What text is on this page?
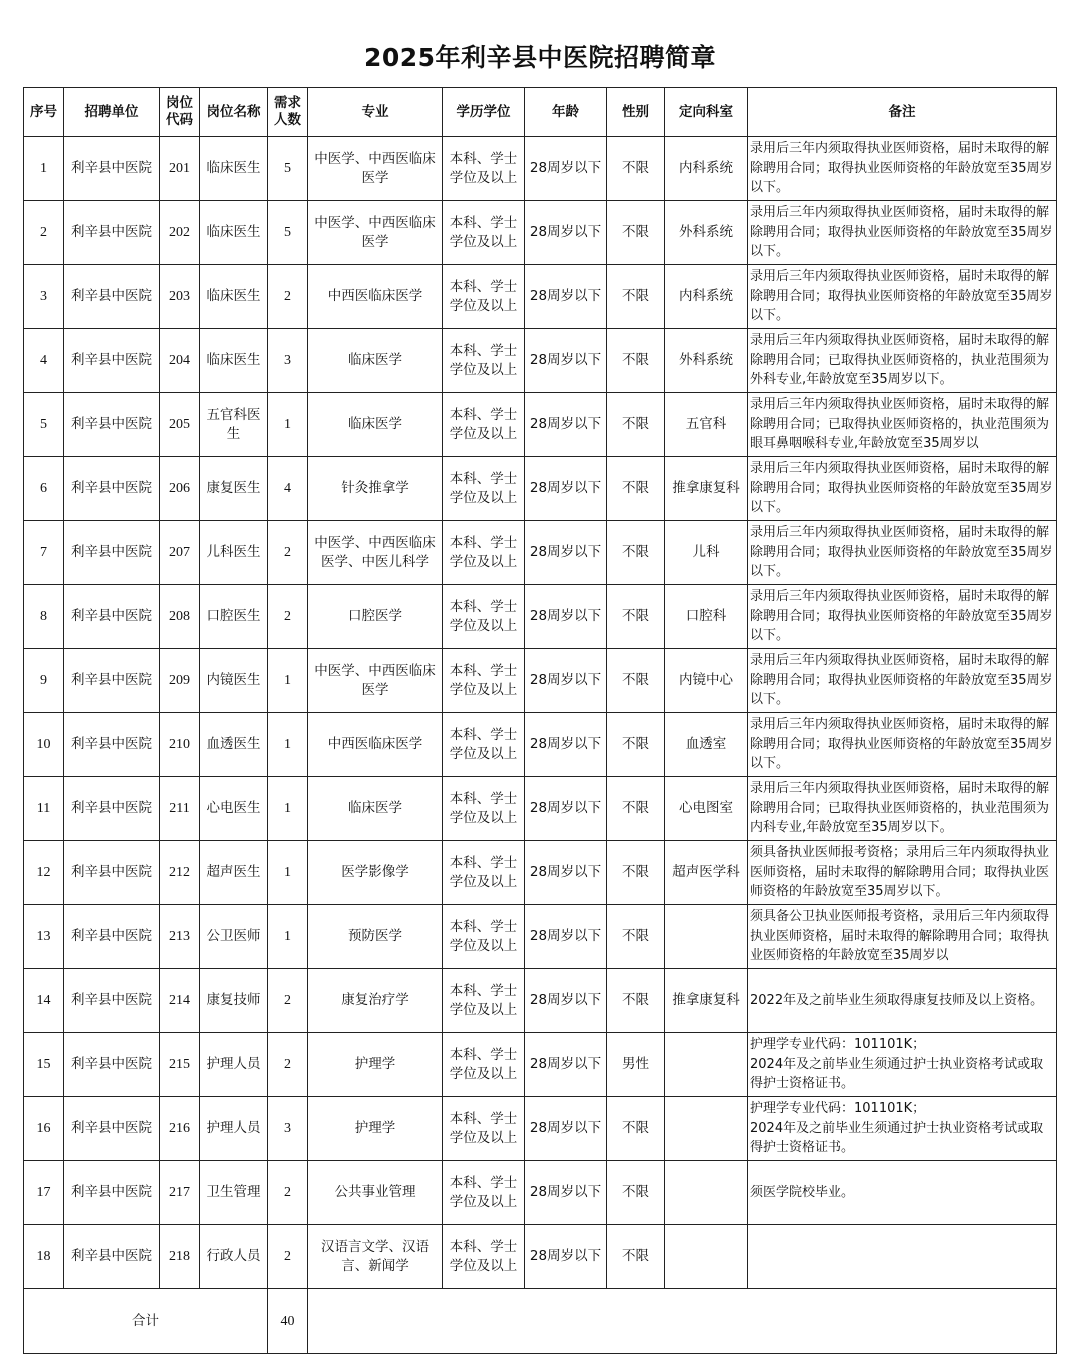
2025年利辛县中医院招聘简章
序号	招聘单位	岗位代码	岗位名称	需求人数	专业	学历学位	年龄	性别	定向科室	备注
1	利辛县中医院	201	临床医生	5	中医学、中西医临床医学	本科、学士学位及以上	28周岁以下	不限	内科系统	录用后三年内须取得执业医师资格，届时未取得的解除聘用合同；取得执业医师资格的年龄放宽至35周岁以下。

2	利辛县中医院	202	临床医生	5	中医学、中西医临床医学	本科、学士学位及以上	28周岁以下	不限	外科系统	录用后三年内须取得执业医师资格，届时未取得的解除聘用合同；取得执业医师资格的年龄放宽至35周岁以下。

3	利辛县中医院	203	临床医生	2	中西医临床医学	本科、学士学位及以上	28周岁以下	不限	内科系统	录用后三年内须取得执业医师资格，届时未取得的解除聘用合同；取得执业医师资格的年龄放宽至35周岁以下。

4	利辛县中医院	204	临床医生	3	临床医学	本科、学士学位及以上	28周岁以下	不限	外科系统	录用后三年内须取得执业医师资格，届时未取得的解除聘用合同；已取得执业医师资格的，执业范围须为外科专业,年龄放宽至35周岁以下。

5	利辛县中医院	205	五官科医生	1	临床医学	本科、学士学位及以上	28周岁以下	不限	五官科	录用后三年内须取得执业医师资格，届时未取得的解除聘用合同；已取得执业医师资格的，执业范围须为眼耳鼻咽喉科专业,年龄放宽至35周岁以

6	利辛县中医院	206	康复医生	4	针灸推拿学	本科、学士学位及以上	28周岁以下	不限	推拿康复科	录用后三年内须取得执业医师资格，届时未取得的解除聘用合同；取得执业医师资格的年龄放宽至35周岁以下。

7	利辛县中医院	207	儿科医生	2	中医学、中西医临床医学、中医儿科学	本科、学士学位及以上	28周岁以下	不限	儿科	录用后三年内须取得执业医师资格，届时未取得的解除聘用合同；取得执业医师资格的年龄放宽至35周岁以下。

8	利辛县中医院	208	口腔医生	2	口腔医学	本科、学士学位及以上	28周岁以下	不限	口腔科	录用后三年内须取得执业医师资格，届时未取得的解除聘用合同；取得执业医师资格的年龄放宽至35周岁以下。

9	利辛县中医院	209	内镜医生	1	中医学、中西医临床医学	本科、学士学位及以上	28周岁以下	不限	内镜中心	录用后三年内须取得执业医师资格，届时未取得的解除聘用合同；取得执业医师资格的年龄放宽至35周岁以下。

10	利辛县中医院	210	血透医生	1	中西医临床医学	本科、学士学位及以上	28周岁以下	不限	血透室	录用后三年内须取得执业医师资格，届时未取得的解除聘用合同；取得执业医师资格的年龄放宽至35周岁以下。

11	利辛县中医院	211	心电医生	1	临床医学	本科、学士学位及以上	28周岁以下	不限	心电图室	录用后三年内须取得执业医师资格，届时未取得的解除聘用合同；已取得执业医师资格的，执业范围须为内科专业,年龄放宽至35周岁以下。

12	利辛县中医院	212	超声医生	1	医学影像学	本科、学士学位及以上	28周岁以下	不限	超声医学科	须具备执业医师报考资格；录用后三年内须取得执业医师资格，届时未取得的解除聘用合同；取得执业医师资格的年龄放宽至35周岁以下。

13	利辛县中医院	213	公卫医师	1	预防医学	本科、学士学位及以上	28周岁以下	不限		须具备公卫执业医师报考资格，录用后三年内须取得执业医师资格，届时未取得的解除聘用合同；取得执业医师资格的年龄放宽至35周岁以

14	利辛县中医院	214	康复技师	2	康复治疗学	本科、学士学位及以上	28周岁以下	不限	推拿康复科	2022年及之前毕业生须取得康复技师及以上资格。

15	利辛县中医院	215	护理人员	2	护理学	本科、学士学位及以上	28周岁以下	男性		护理学专业代码：101101K；
2024年及之前毕业生须通过护士执业资格考试或取得护士资格证书。

16	利辛县中医院	216	护理人员	3	护理学	本科、学士学位及以上	28周岁以下	不限		护理学专业代码：101101K；
2024年及之前毕业生须通过护士执业资格考试或取得护士资格证书。

17	利辛县中医院	217	卫生管理	2	公共事业管理	本科、学士学位及以上	28周岁以下	不限		须医学院校毕业。

18	利辛县中医院	218	行政人员	2	汉语言文学、汉语言、新闻学	本科、学士学位及以上	28周岁以下	不限		

合计				40						
